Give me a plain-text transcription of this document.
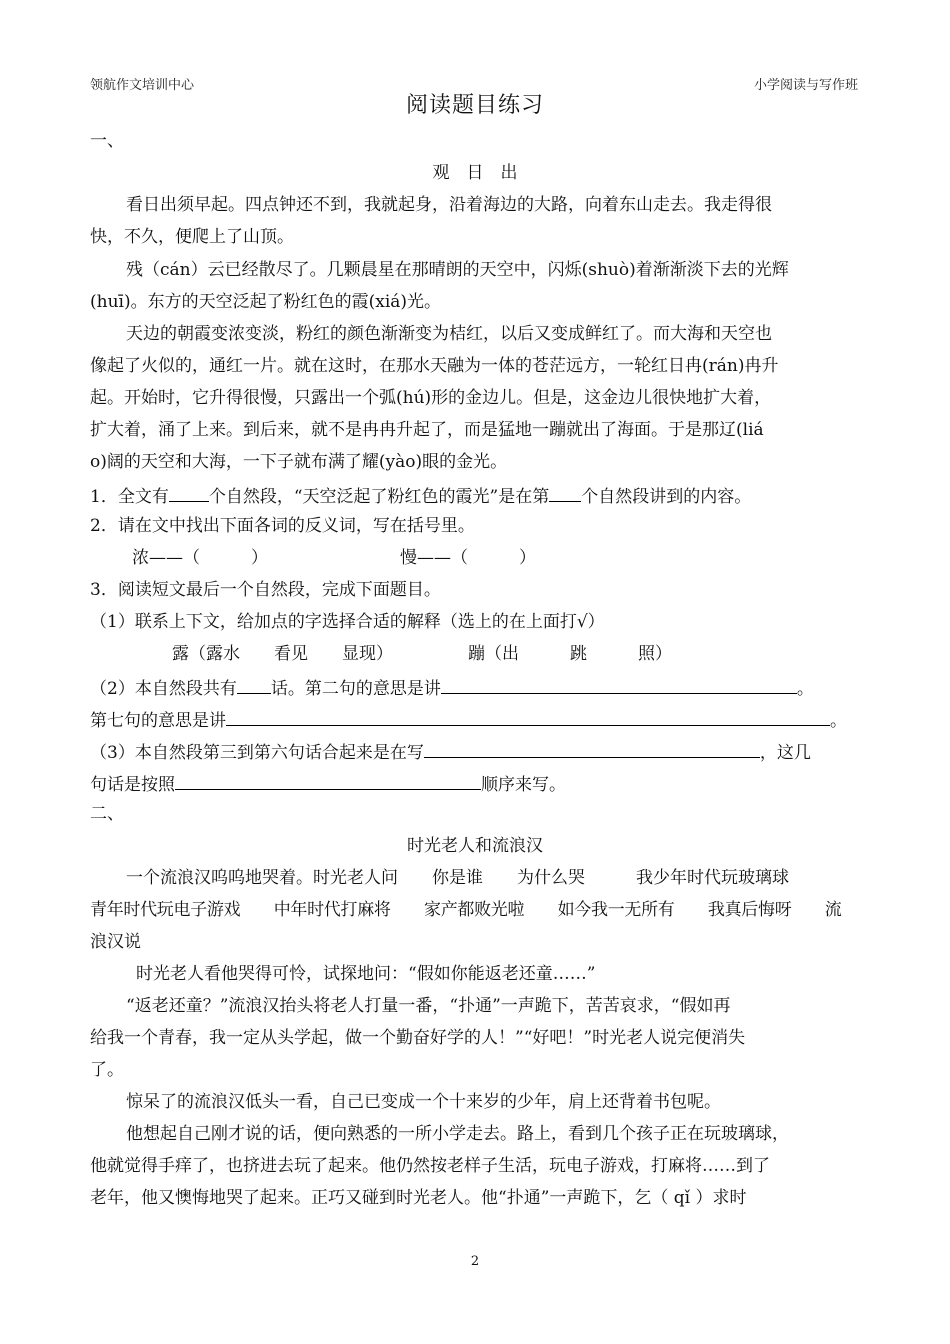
领航作文培训中心	小学阅读与写作班
阅读题目练习
一、
观　日　出
看日出须早起。四点钟还不到，我就起身，沿着海边的大路，向着东山走去。我走得很
快，不久，便爬上了山顶。
残（cán）云已经散尽了。几颗晨星在那晴朗的天空中，闪烁(shuò)着渐渐淡下去的光辉
(huī)。东方的天空泛起了粉红色的霞(xiá)光。
天边的朝霞变浓变淡，粉红的颜色渐渐变为桔红，以后又变成鲜红了。而大海和天空也
像起了火似的，通红一片。就在这时，在那水天融为一体的苍茫远方，一轮红日冉(rán)冉升
起。开始时，它升得很慢，只露出一个弧(hú)形的金边儿。但是，这金边儿很快地扩大着，
扩大着，涌了上来。到后来，就不是冉冉升起了，而是猛地一蹦就出了海面。于是那辽(liá
o)阔的天空和大海，一下子就布满了耀(yào)眼的金光。
1．全文有 个自然段，“天空泛起了粉红色的霞光”是在第 个自然段讲到的内容。
2．请在文中找出下面各词的反义词，写在括号里。
浓——（　　　）	慢——（　　　）
3．阅读短文最后一个自然段，完成下面题目。
（1）联系上下文，给加点的字选择合适的解释（选上的在上面打√）
露（露水　　看见　　显现）	蹦（出　　　跳　　　照）
（2）本自然段共有 话。第二句的意思是讲	。
第七句的意思是讲	。
（3）本自然段第三到第六句话合起来是在写	，这几
句话是按照	顺序来写。
二、
时光老人和流浪汉
一个流浪汉呜呜地哭着。时光老人问　　你是谁　　为什么哭　　　我少年时代玩玻璃球
青年时代玩电子游戏　　中年时代打麻将　　家产都败光啦　　如今我一无所有　　我真后悔呀　　流
浪汉说
时光老人看他哭得可怜，试探地问：“假如你能返老还童……”
“返老还童？”流浪汉抬头将老人打量一番，“扑通”一声跪下，苦苦哀求，“假如再
给我一个青春，我一定从头学起，做一个勤奋好学的人！”“好吧！”时光老人说完便消失
了。
惊呆了的流浪汉低头一看，自己已变成一个十来岁的少年，肩上还背着书包呢。
他想起自己刚才说的话，便向熟悉的一所小学走去。路上，看到几个孩子正在玩玻璃球，
他就觉得手痒了，也挤进去玩了起来。他仍然按老样子生活，玩电子游戏，打麻将……到了
老年，他又懊悔地哭了起来。正巧又碰到时光老人。他“扑通”一声跪下，乞（ qǐ ）求时
2
